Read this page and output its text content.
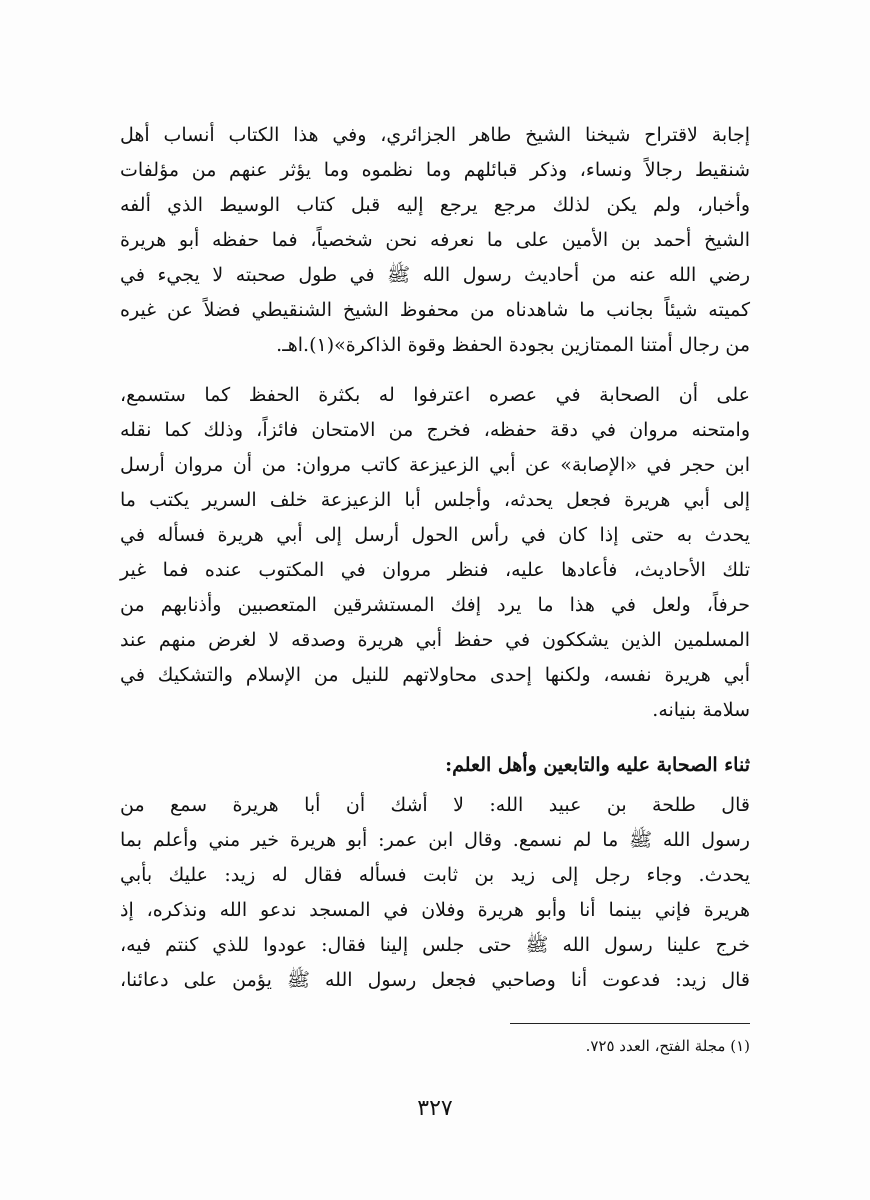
إجابة لاقتراح شيخنا الشيخ طاهر الجزائري، وفي هذا الكتاب أنساب أهل
شنقيط رجالاً ونساء، وذكر قبائلهم وما نظموه وما يؤثر عنهم من مؤلفات
وأخبار، ولم يكن لذلك مرجع يرجع إليه قبل كتاب الوسيط الذي ألفه
الشيخ أحمد بن الأمين على ما نعرفه نحن شخصياً، فما حفظه أبو هريرة
رضي الله عنه من أحاديث رسول الله ﷺ في طول صحبته لا يجيء في
كميته شيئاً بجانب ما شاهدناه من محفوظ الشيخ الشنقيطي فضلاً عن غيره
من رجال أمتنا الممتازين بجودة الحفظ وقوة الذاكرة»(١).اهـ.
على أن الصحابة في عصره اعترفوا له بكثرة الحفظ كما ستسمع،
وامتحنه مروان في دقة حفظه، فخرج من الامتحان فائزاً، وذلك كما نقله
ابن حجر في «الإصابة» عن أبي الزعيزعة كاتب مروان: من أن مروان أرسل
إلى أبي هريرة فجعل يحدثه، وأجلس أبا الزعيزعة خلف السرير يكتب ما
يحدث به حتى إذا كان في رأس الحول أرسل إلى أبي هريرة فسأله في
تلك الأحاديث، فأعادها عليه، فنظر مروان في المكتوب عنده فما غير
حرفاً، ولعل في هذا ما يرد إفك المستشرقين المتعصبين وأذنابهم من
المسلمين الذين يشككون في حفظ أبي هريرة وصدقه لا لغرض منهم عند
أبي هريرة نفسه، ولكنها إحدى محاولاتهم للنيل من الإسلام والتشكيك في
سلامة بنيانه.
ثناء الصحابة عليه والتابعين وأهل العلم:
قال طلحة بن عبيد الله: لا أشك أن أبا هريرة سمع من
رسول الله ﷺ ما لم نسمع. وقال ابن عمر: أبو هريرة خير مني وأعلم بما
يحدث. وجاء رجل إلى زيد بن ثابت فسأله فقال له زيد: عليك بأبي
هريرة فإني بينما أنا وأبو هريرة وفلان في المسجد ندعو الله ونذكره، إذ
خرج علينا رسول الله ﷺ حتى جلس إلينا فقال: عودوا للذي كنتم فيه،
قال زيد: فدعوت أنا وصاحبي فجعل رسول الله ﷺ يؤمن على دعائنا،
(١) مجلة الفتح، العدد ٧٢٥.
٣٢٧
